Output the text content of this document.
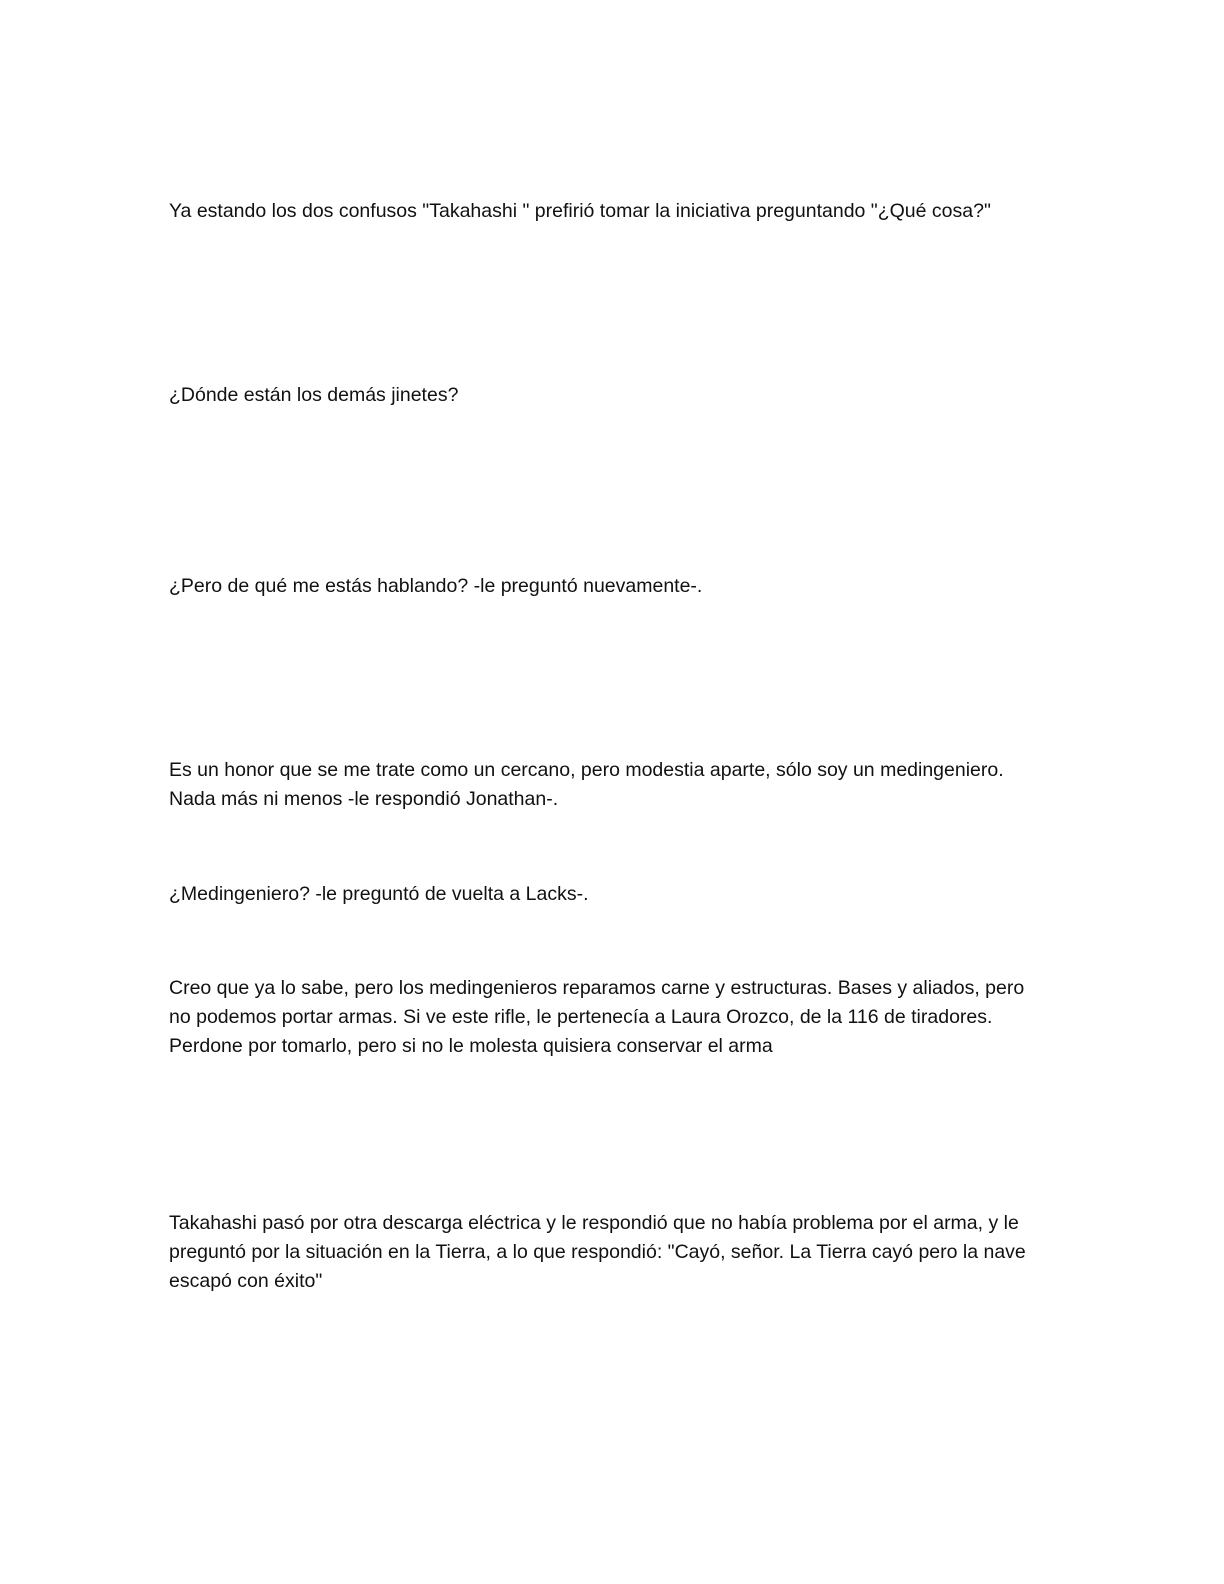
Ya estando los dos confusos "Takahashi " prefirió tomar la iniciativa preguntando "¿Qué cosa?"

¿Dónde están los demás jinetes?

¿Pero de qué me estás hablando? -le preguntó nuevamente-.

Es un honor que se me trate como un cercano, pero modestia aparte, sólo soy un medingeniero.
Nada más ni menos -le respondió Jonathan-.

¿Medingeniero? -le preguntó de vuelta a Lacks-.

Creo que ya lo sabe, pero los medingenieros reparamos carne y estructuras. Bases y aliados, pero
no podemos portar armas. Si ve este rifle, le pertenecía a Laura Orozco, de la 116 de tiradores.
Perdone por tomarlo, pero si no le molesta quisiera conservar el arma

Takahashi pasó por otra descarga eléctrica y le respondió que no había problema por el arma, y le
preguntó por la situación en la Tierra, a lo que respondió: "Cayó, señor. La Tierra cayó pero la nave
escapó con éxito"
